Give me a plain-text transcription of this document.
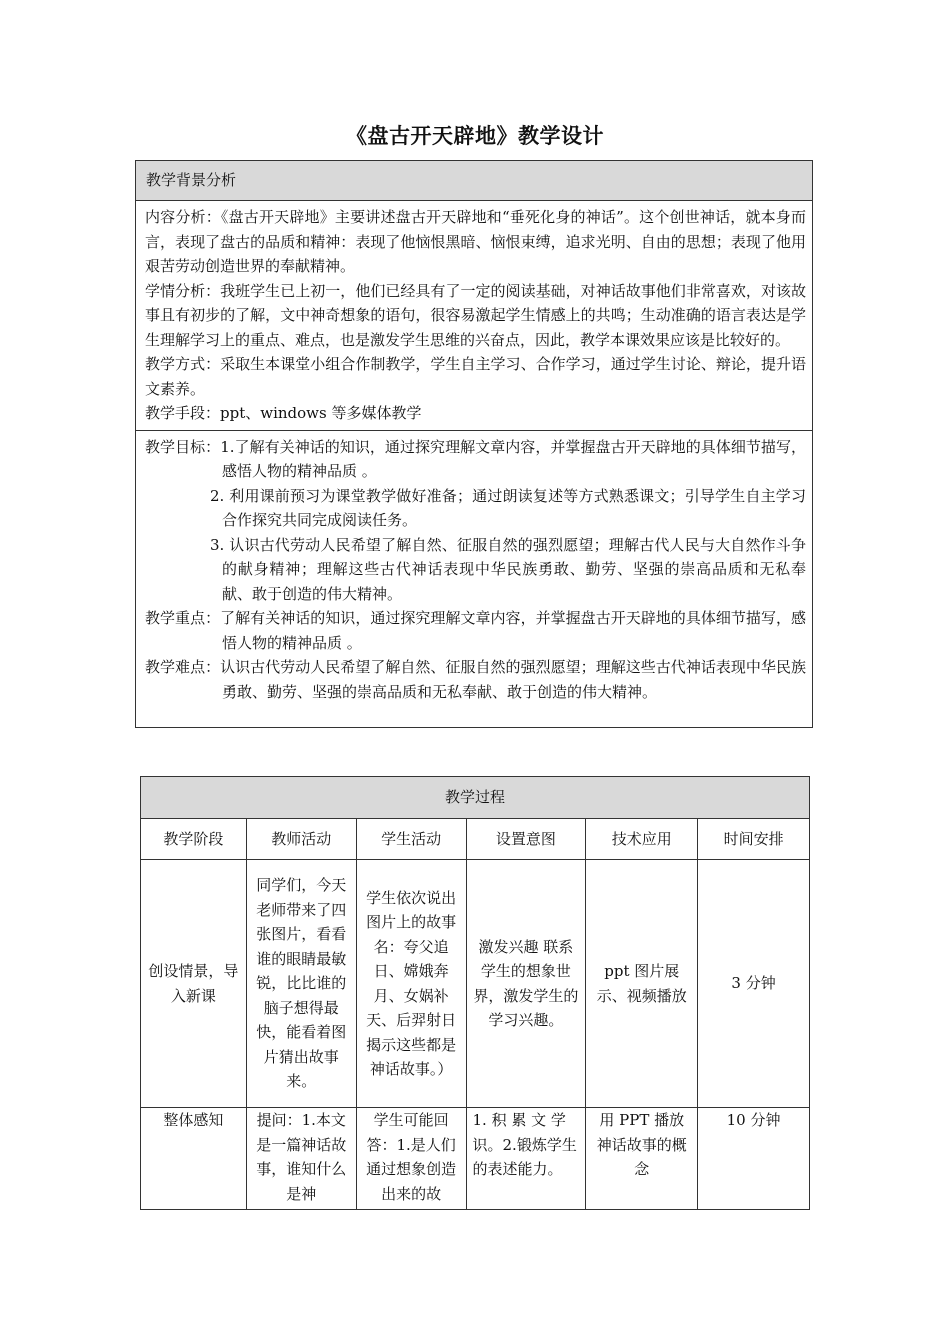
《盘古开天辟地》教学设计
教学背景分析

内容分析：《盘古开天辟地》主要讲述盘古开天辟地和“垂死化身的神话”。这个创世神话，就本身而言，表现了盘古的品质和精神：表现了他恼恨黑暗、恼恨束缚，追求光明、自由的思想；表现了他用艰苦劳动创造世界的奉献精神。

学情分析：我班学生已上初一，他们已经具有了一定的阅读基础，对神话故事他们非常喜欢，对该故事且有初步的了解，文中神奇想象的语句，很容易激起学生情感上的共鸣；生动准确的语言表达是学生理解学习上的重点、难点，也是激发学生思维的兴奋点，因此，教学本课效果应该是比较好的。

教学方式：采取生本课堂小组合作制教学，学生自主学习、合作学习，通过学生讨论、辩论，提升语文素养。

教学手段：ppt、windows 等多媒体教学

教学目标：1.了解有关神话的知识，通过探究理解文章内容，并掌握盘古开天辟地的具体细节描写，感悟人物的精神品质 。

2. 利用课前预习为课堂教学做好准备；通过朗读复述等方式熟悉课文；引导学生自主学习合作探究共同完成阅读任务。

3. 认识古代劳动人民希望了解自然、征服自然的强烈愿望；理解古代人民与大自然作斗争的献身精神；理解这些古代神话表现中华民族勇敢、勤劳、坚强的崇高品质和无私奉献、敢于创造的伟大精神。

教学重点：了解有关神话的知识，通过探究理解文章内容，并掌握盘古开天辟地的具体细节描写，感悟人物的精神品质 。

教学难点：认识古代劳动人民希望了解自然、征服自然的强烈愿望；理解这些古代神话表现中华民族勇敢、勤劳、坚强的崇高品质和无私奉献、敢于创造的伟大精神。

教学过程					
教学阶段	教师活动	学生活动	设置意图	技术应用	时间安排
创设情景，导入新课	同学们，今天老师带来了四张图片，看看谁的眼睛最敏锐，比比谁的脑子想得最快，能看着图片猜出故事来。	学生依次说出图片上的故事名：夸父追日、嫦娥奔月、女娲补天、后羿射日揭示这些都是神话故事。）	激发兴趣 联系学生的想象世界，激发学生的学习兴趣。	ppt 图片展示、视频播放	3 分钟
整体感知	提问：1.本文是一篇神话故事，谁知什么是神	学生可能回答：1.是人们通过想象创造出来的故	1. 积 累 文 学 识。2.锻炼学生的表述能力。	用 PPT 播放神话故事的概念	10 分钟
